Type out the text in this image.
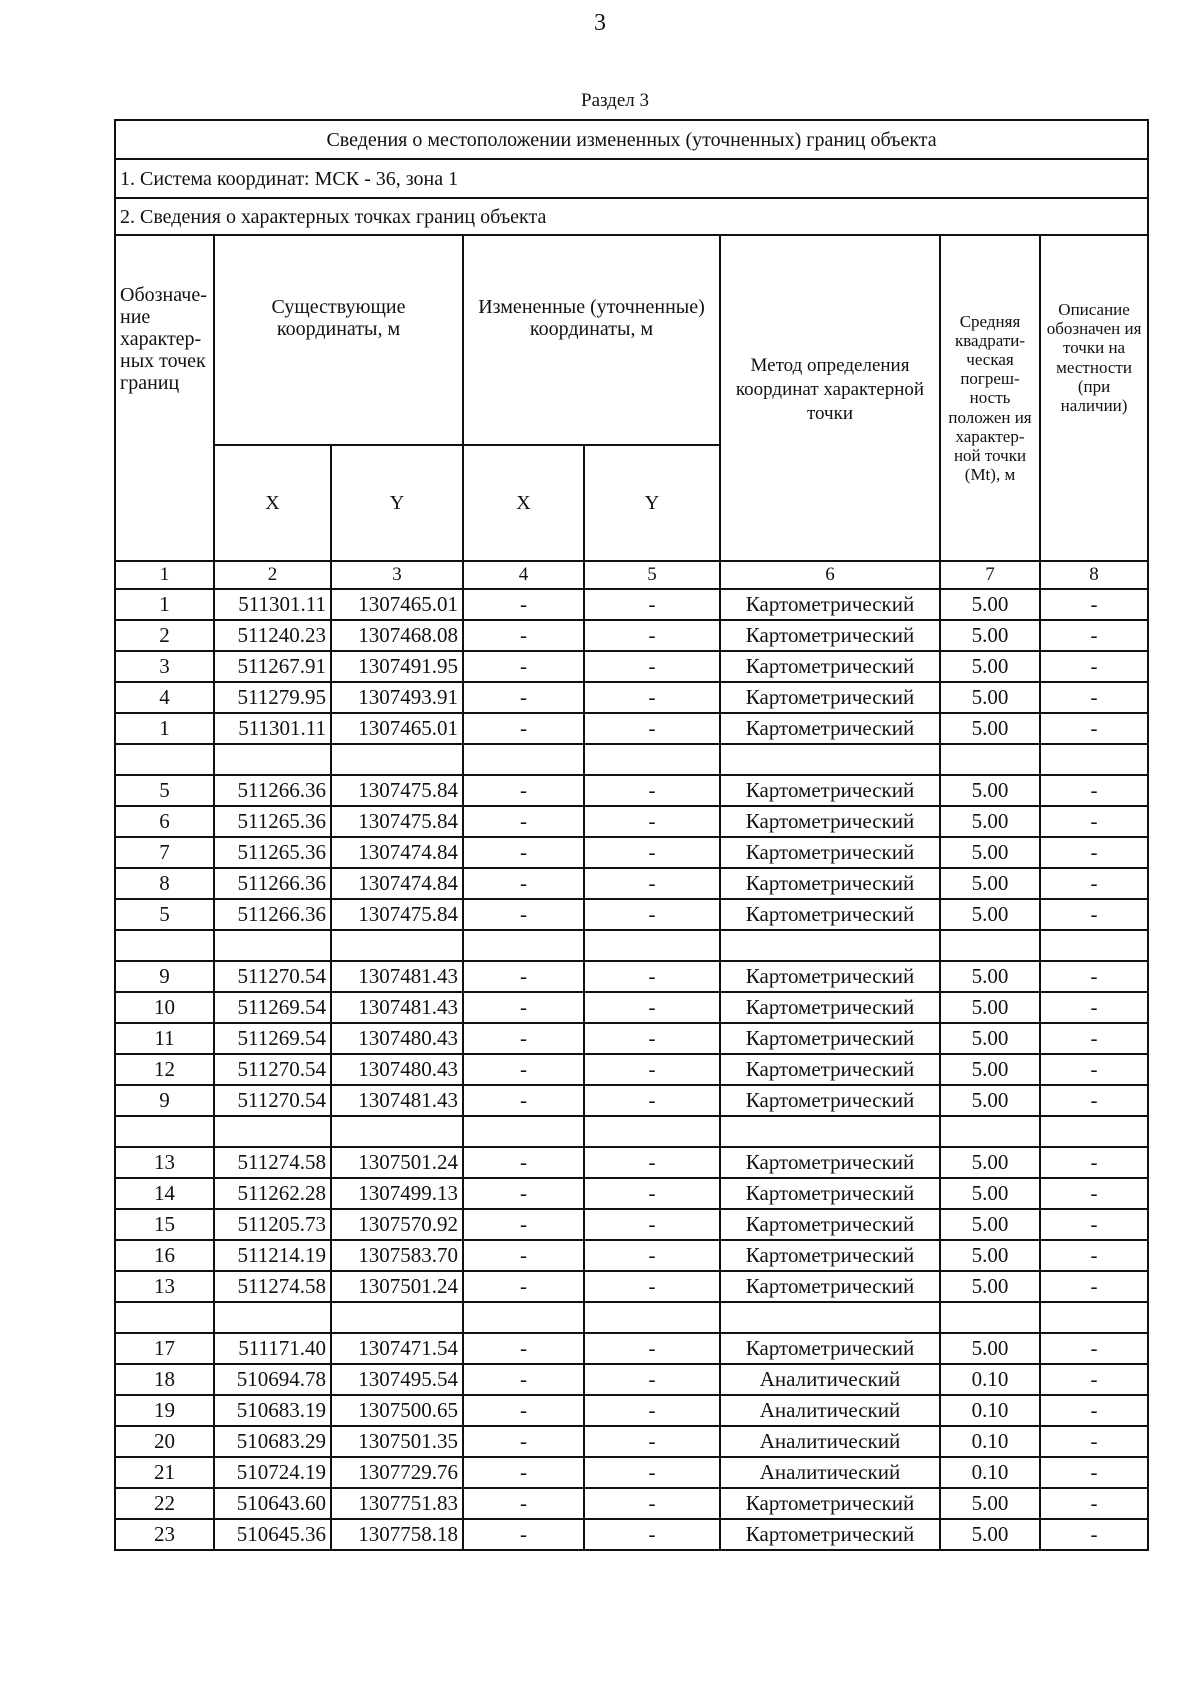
3
Раздел 3
Сведения о местоположении измененных (уточненных) границ объекта							
1. Система координат: МСК - 36, зона 1							
2. Сведения о характерных точках границ объекта							
Обозначе- ние характер- ных точек границ	Существующие координаты, м		Измененные (уточненные) координаты, м		Метод определения координат характерной точки	Средняя квадрати- ческая погреш- ность положен ия характер- ной точки (Mt), м	Описание обозначен ия точки на местности (при наличии)
	X	Y	X	Y			
1	2	3	4	5	6	7	8
1	511301.11	1307465.01	-	-	Картометрический	5.00	-
2	511240.23	1307468.08	-	-	Картометрический	5.00	-
3	511267.91	1307491.95	-	-	Картометрический	5.00	-
4	511279.95	1307493.91	-	-	Картометрический	5.00	-
1	511301.11	1307465.01	-	-	Картометрический	5.00	-

5	511266.36	1307475.84	-	-	Картометрический	5.00	-
6	511265.36	1307475.84	-	-	Картометрический	5.00	-
7	511265.36	1307474.84	-	-	Картометрический	5.00	-
8	511266.36	1307474.84	-	-	Картометрический	5.00	-
5	511266.36	1307475.84	-	-	Картометрический	5.00	-

9	511270.54	1307481.43	-	-	Картометрический	5.00	-
10	511269.54	1307481.43	-	-	Картометрический	5.00	-
11	511269.54	1307480.43	-	-	Картометрический	5.00	-
12	511270.54	1307480.43	-	-	Картометрический	5.00	-
9	511270.54	1307481.43	-	-	Картометрический	5.00	-

13	511274.58	1307501.24	-	-	Картометрический	5.00	-
14	511262.28	1307499.13	-	-	Картометрический	5.00	-
15	511205.73	1307570.92	-	-	Картометрический	5.00	-
16	511214.19	1307583.70	-	-	Картометрический	5.00	-
13	511274.58	1307501.24	-	-	Картометрический	5.00	-

17	511171.40	1307471.54	-	-	Картометрический	5.00	-
18	510694.78	1307495.54	-	-	Аналитический	0.10	-
19	510683.19	1307500.65	-	-	Аналитический	0.10	-
20	510683.29	1307501.35	-	-	Аналитический	0.10	-
21	510724.19	1307729.76	-	-	Аналитический	0.10	-
22	510643.60	1307751.83	-	-	Картометрический	5.00	-
23	510645.36	1307758.18	-	-	Картометрический	5.00	-
